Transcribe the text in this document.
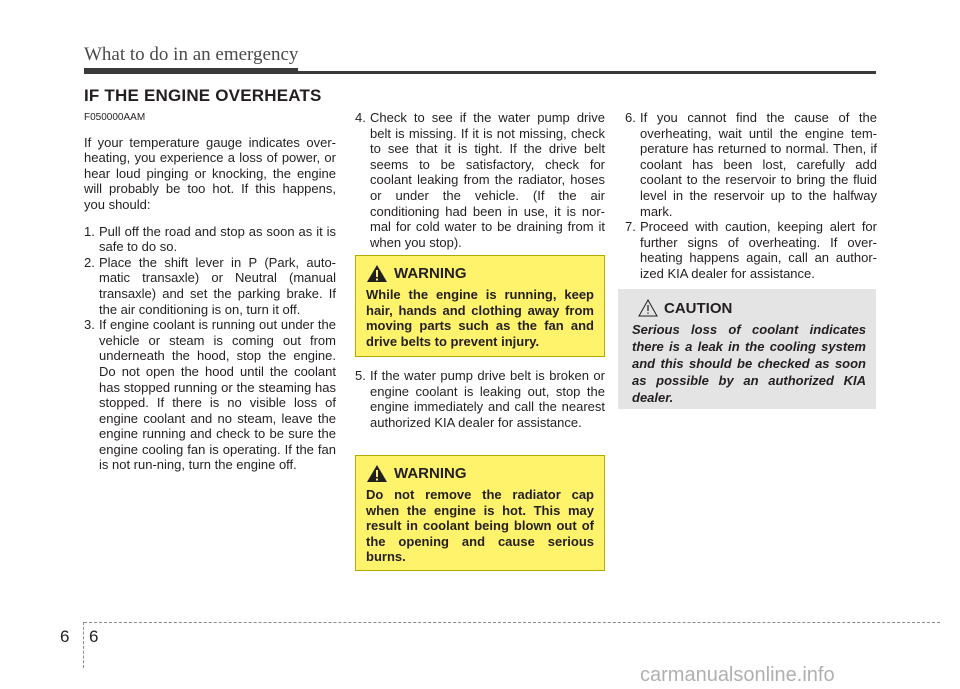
What to do in an emergency
IF THE ENGINE OVERHEATS

F050000AAM

If your temperature gauge indicates over-heating, you experience a loss of power, or hear loud pinging or knocking, the engine will probably be too hot. If this happens, you should:

1. Pull off the road and stop as soon as it is safe to do so.
2. Place the shift lever in P (Park, auto-matic transaxle) or Neutral (manual transaxle) and set the parking brake. If the air conditioning is on, turn it off.
3. If engine coolant is running out under the vehicle or steam is coming out from underneath the hood, stop the engine. Do not open the hood until the coolant has stopped running or the steaming has stopped. If there is no visible loss of engine coolant and no steam, leave the engine running and check to be sure the engine cooling fan is operating. If the fan is not run-ning, turn the engine off.
4. Check to see if the water pump drive belt is missing. If it is not missing, check to see that it is tight. If the drive belt seems to be satisfactory, check for coolant leaking from the radiator, hoses or under the vehicle. (If the air conditioning had been in use, it is nor-mal for cold water to be draining from it when you stop).
WARNING
While the engine is running, keep hair, hands and clothing away from moving parts such as the fan and drive belts to prevent injury.
5. If the water pump drive belt is broken or engine coolant is leaking out, stop the engine immediately and call the nearest authorized KIA dealer for assistance.
WARNING
Do not remove the radiator cap when the engine is hot. This may result in coolant being blown out of the opening and cause serious burns.
6. If you cannot find the cause of the overheating, wait until the engine tem-perature has returned to normal. Then, if coolant has been lost, carefully add coolant to the reservoir to bring the fluid level in the reservoir up to the halfway mark.
7. Proceed with caution, keeping alert for further signs of overheating. If over-heating happens again, call an author-ized KIA dealer for assistance.
CAUTION
Serious loss of coolant indicates there is a leak in the cooling system and this should be checked as soon as possible by an authorized KIA dealer.
6 6
carmanualsonline.info
